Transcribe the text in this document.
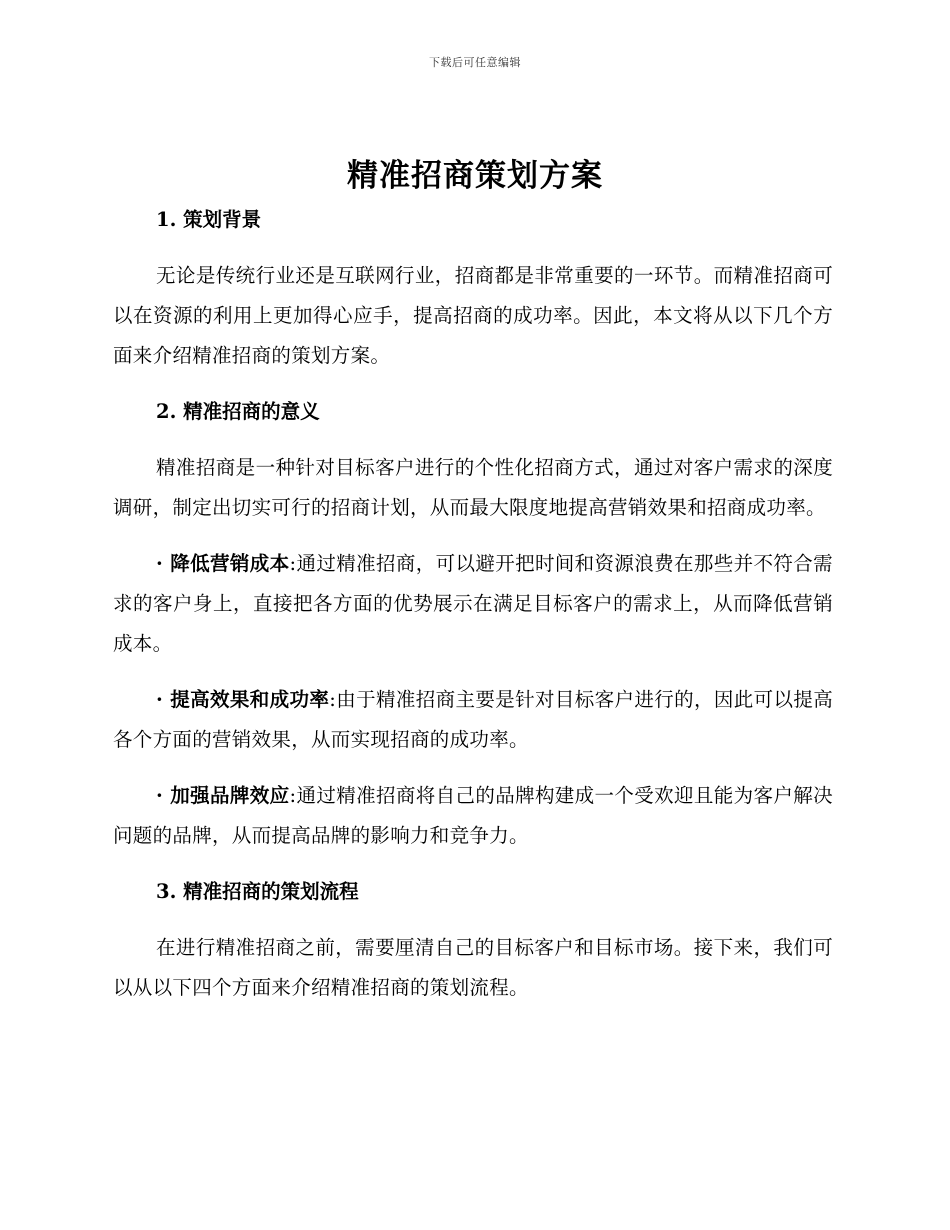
下载后可任意编辑
精准招商策划方案
1. 策划背景

无论是传统行业还是互联网行业，招商都是非常重要的一环节。而精准招商可以在资源的利用上更加得心应手，提高招商的成功率。因此，本文将从以下几个方面来介绍精准招商的策划方案。

2. 精准招商的意义

精准招商是一种针对目标客户进行的个性化招商方式，通过对客户需求的深度调研，制定出切实可行的招商计划，从而最大限度地提高营销效果和招商成功率。

· 降低营销成本:通过精准招商，可以避开把时间和资源浪费在那些并不符合需求的客户身上，直接把各方面的优势展示在满足目标客户的需求上，从而降低营销成本。

· 提高效果和成功率:由于精准招商主要是针对目标客户进行的，因此可以提高各个方面的营销效果，从而实现招商的成功率。

· 加强品牌效应:通过精准招商将自己的品牌构建成一个受欢迎且能为客户解决问题的品牌，从而提高品牌的影响力和竞争力。

3. 精准招商的策划流程

在进行精准招商之前，需要厘清自己的目标客户和目标市场。接下来，我们可以从以下四个方面来介绍精准招商的策划流程。
